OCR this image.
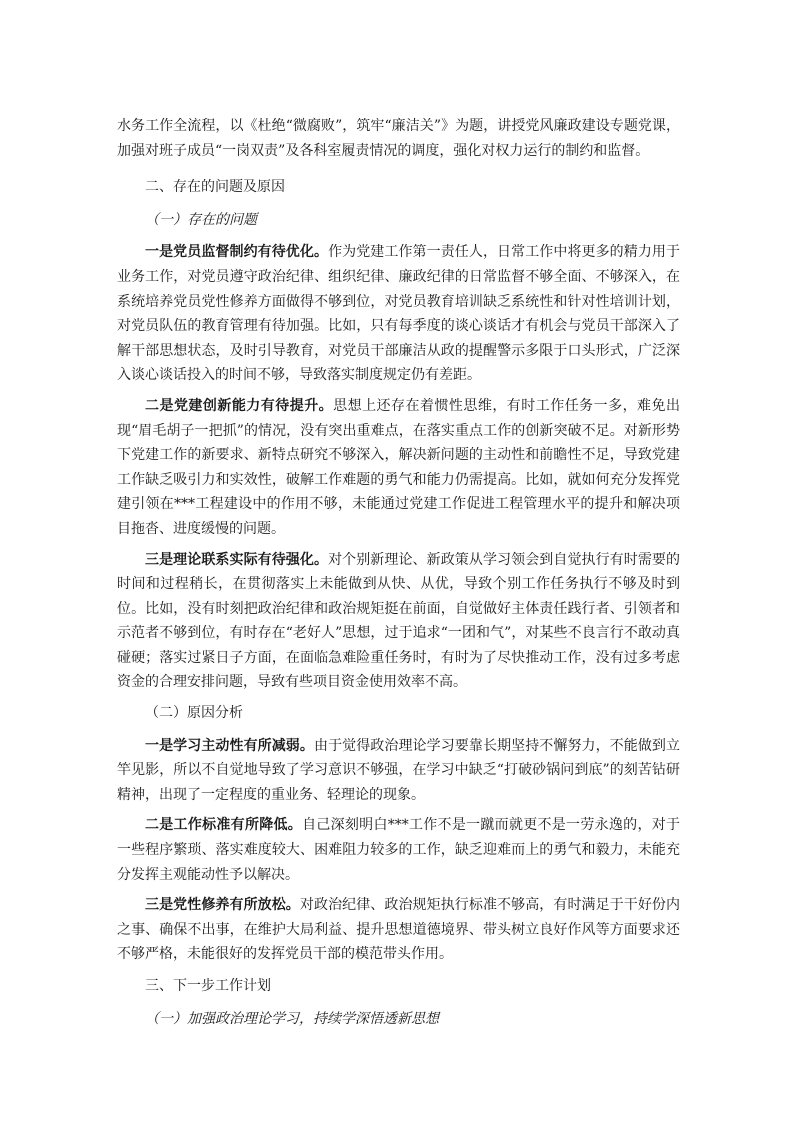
水务工作全流程，以《杜绝“微腐败”，筑牢“廉洁关”》为题，讲授党风廉政建设专题党课，加强对班子成员“一岗双责”及各科室履责情况的调度，强化对权力运行的制约和监督。

二、存在的问题及原因

（一）存在的问题

一是党员监督制约有待优化。作为党建工作第一责任人，日常工作中将更多的精力用于业务工作，对党员遵守政治纪律、组织纪律、廉政纪律的日常监督不够全面、不够深入，在系统培养党员党性修养方面做得不够到位，对党员教育培训缺乏系统性和针对性培训计划，对党员队伍的教育管理有待加强。比如，只有每季度的谈心谈话才有机会与党员干部深入了解干部思想状态，及时引导教育，对党员干部廉洁从政的提醒警示多限于口头形式，广泛深入谈心谈话投入的时间不够，导致落实制度规定仍有差距。

二是党建创新能力有待提升。思想上还存在着惯性思维，有时工作任务一多，难免出现“眉毛胡子一把抓”的情况，没有突出重难点，在落实重点工作的创新突破不足。对新形势下党建工作的新要求、新特点研究不够深入，解决新问题的主动性和前瞻性不足，导致党建工作缺乏吸引力和实效性，破解工作难题的勇气和能力仍需提高。比如，就如何充分发挥党建引领在***工程建设中的作用不够，未能通过党建工作促进工程管理水平的提升和解决项目拖沓、进度缓慢的问题。

三是理论联系实际有待强化。对个别新理论、新政策从学习领会到自觉执行有时需要的时间和过程稍长，在贯彻落实上未能做到从快、从优，导致个别工作任务执行不够及时到位。比如，没有时刻把政治纪律和政治规矩挺在前面，自觉做好主体责任践行者、引领者和示范者不够到位，有时存在“老好人”思想，过于追求“一团和气”，对某些不良言行不敢动真碰硬；落实过紧日子方面，在面临急难险重任务时，有时为了尽快推动工作，没有过多考虑资金的合理安排问题，导致有些项目资金使用效率不高。

（二）原因分析

一是学习主动性有所减弱。由于觉得政治理论学习要靠长期坚持不懈努力，不能做到立竿见影，所以不自觉地导致了学习意识不够强，在学习中缺乏“打破砂锅问到底”的刻苦钻研精神，出现了一定程度的重业务、轻理论的现象。

二是工作标准有所降低。自己深刻明白***工作不是一蹴而就更不是一劳永逸的，对于一些程序繁琐、落实难度较大、困难阻力较多的工作，缺乏迎难而上的勇气和毅力，未能充分发挥主观能动性予以解决。

三是党性修养有所放松。对政治纪律、政治规矩执行标准不够高，有时满足于干好份内之事、确保不出事，在维护大局利益、提升思想道德境界、带头树立良好作风等方面要求还不够严格，未能很好的发挥党员干部的模范带头作用。

三、下一步工作计划

（一）加强政治理论学习，持续学深悟透新思想
